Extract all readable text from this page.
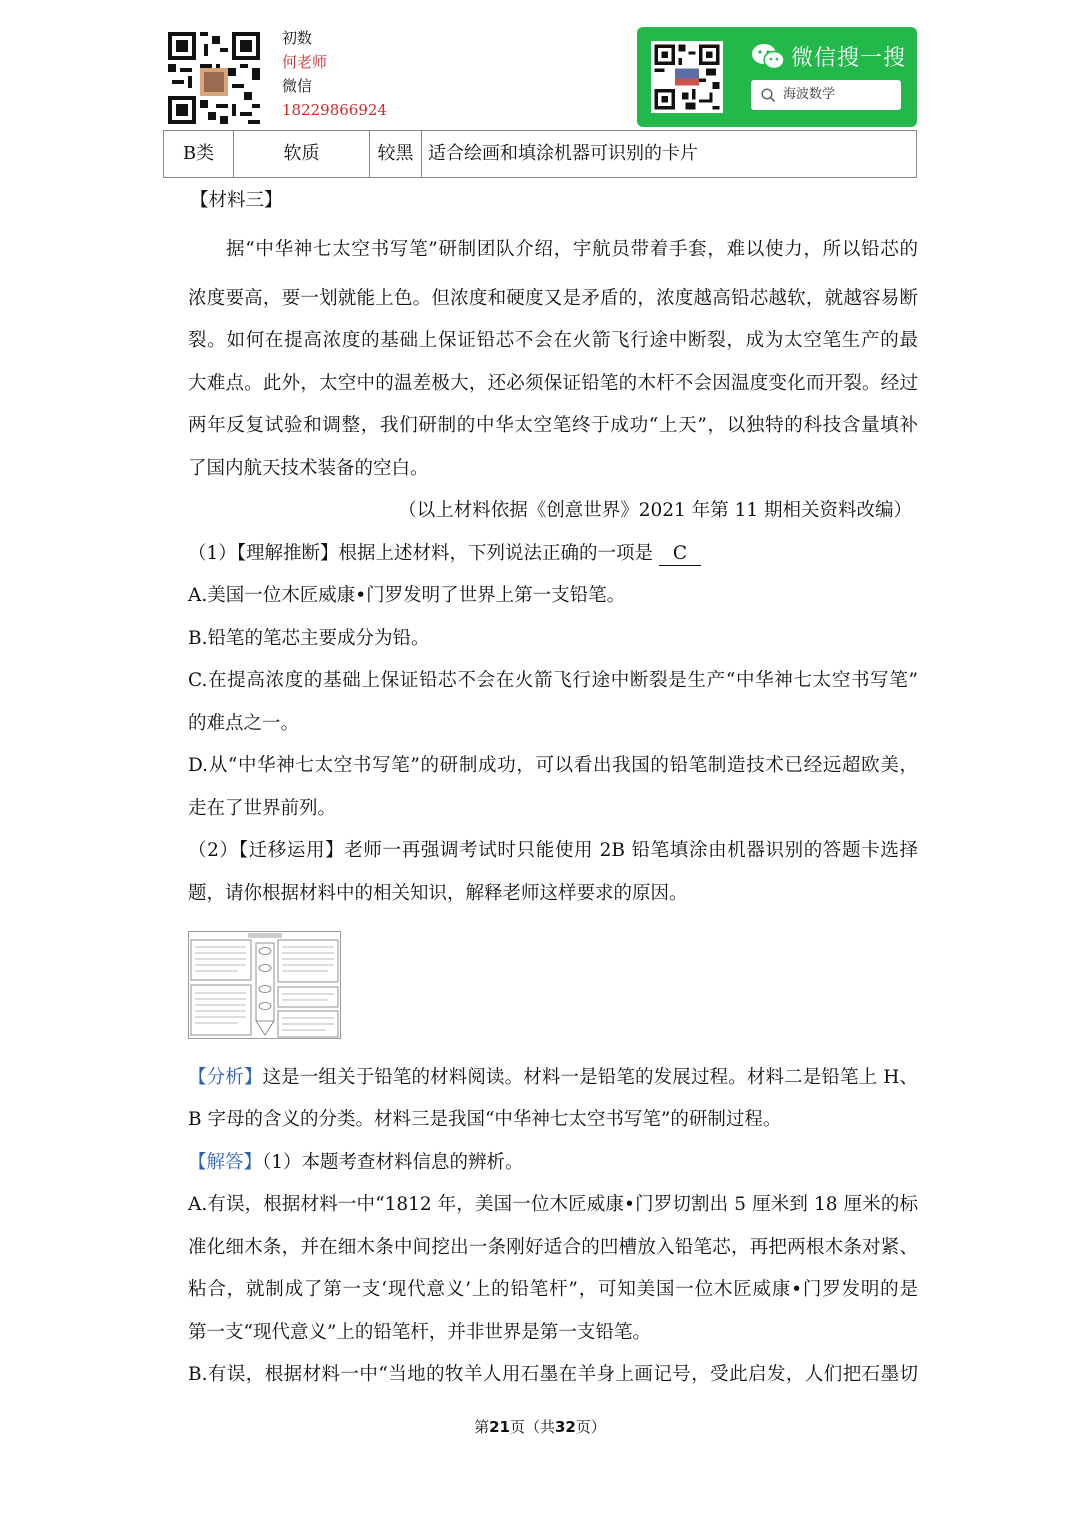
初数
何老师
微信
18229866924
微信搜一搜
海波数学
B类	软质	较黑 适合绘画和填涂机器可识别的卡片
【材料三】
据“中华神七太空书写笔”研制团队介绍，宇航员带着手套，难以使力，所以铅芯的
浓度要高，要一划就能上色。但浓度和硬度又是矛盾的，浓度越高铅芯越软，就越容易断
裂。如何在提高浓度的基础上保证铅芯不会在火箭飞行途中断裂，成为太空笔生产的最
大难点。此外，太空中的温差极大，还必须保证铅笔的木杆不会因温度变化而开裂。经过
两年反复试验和调整，我们研制的中华太空笔终于成功“上天”，以独特的科技含量填补
了国内航天技术装备的空白。
（以上材料依据《创意世界》2021 年第 11 期相关资料改编）
（1）【理解推断】根据上述材料，下列说法正确的一项是 C
A.美国一位木匠威康•门罗发明了世界上第一支铅笔。
B.铅笔的笔芯主要成分为铅。
C.在提高浓度的基础上保证铅芯不会在火箭飞行途中断裂是生产“中华神七太空书写笔”
的难点之一。
D.从“中华神七太空书写笔”的研制成功，可以看出我国的铅笔制造技术已经远超欧美，
走在了世界前列。
（2）【迁移运用】老师一再强调考试时只能使用 2B 铅笔填涂由机器识别的答题卡选择
题，请你根据材料中的相关知识，解释老师这样要求的原因。
【分析】这是一组关于铅笔的材料阅读。材料一是铅笔的发展过程。材料二是铅笔上 H、
B 字母的含义的分类。材料三是我国“中华神七太空书写笔”的研制过程。
【解答】（1）本题考查材料信息的辨析。
A.有误，根据材料一中“1812 年，美国一位木匠威康•门罗切割出 5 厘米到 18 厘米的标
准化细木条，并在细木条中间挖出一条刚好适合的凹槽放入铅笔芯，再把两根木条对紧、
粘合，就制成了第一支‘现代意义’上的铅笔杆”，可知美国一位木匠威康•门罗发明的是
第一支“现代意义”上的铅笔杆，并非世界是第一支铅笔。
B.有误，根据材料一中“当地的牧羊人用石墨在羊身上画记号，受此启发，人们把石墨切
第21页（共32页）
